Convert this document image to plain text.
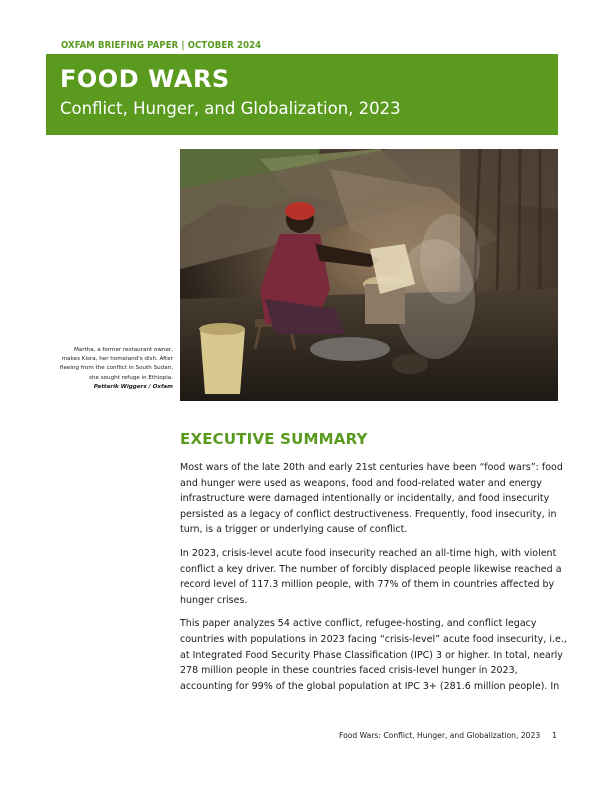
OXFAM BRIEFING PAPER | OCTOBER 2024
FOOD WARS
Conflict, Hunger, and Globalization, 2023
Martha, a former restaurant owner, makes Kisra, her homeland's dish. After fleeing from the conflict in South Sudan, she sought refuge in Ethiopia.
Pattarik Wiggers / Oxfam
EXECUTIVE SUMMARY

Most wars of the late 20th and early 21st centuries have been “food wars”: food and hunger were used as weapons, food and food-related water and energy infrastructure were damaged intentionally or incidentally, and food insecurity persisted as a legacy of conflict destructiveness. Frequently, food insecurity, in turn, is a trigger or underlying cause of conflict.

In 2023, crisis-level acute food insecurity reached an all-time high, with violent conflict a key driver. The number of forcibly displaced people likewise reached a record level of 117.3 million people, with 77% of them in countries affected by hunger crises.

This paper analyzes 54 active conflict, refugee-hosting, and conflict legacy countries with populations in 2023 facing “crisis-level” acute food insecurity, i.e., at Integrated Food Security Phase Classification (IPC) 3 or higher. In total, nearly 278 million people in these countries faced crisis-level hunger in 2023, accounting for 99% of the global population at IPC 3+ (281.6 million people). In

Food Wars: Conflict, Hunger, and Globalization, 2023 1
